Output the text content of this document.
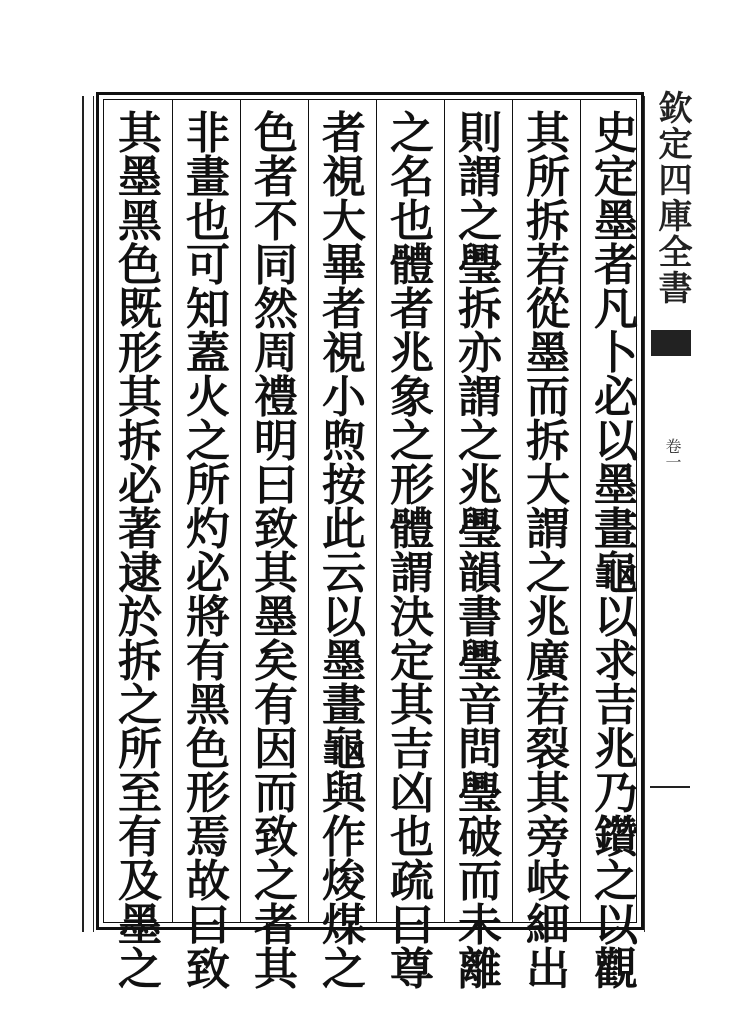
史
定
墨
者
凡
卜
必
以
墨
畫
龜
以
求
吉
兆
乃
鑽
之
以
觀
其
所
拆
若
從
墨
而
拆
大
謂
之
兆
廣
若
裂
其
旁
岐
細
出
則
謂
之
璺
拆
亦
謂
之
兆
璺
韻
書
璺
音
問
璺
破
而
未
離
之
名
也
體
者
兆
象
之
形
體
謂
決
定
其
吉
凶
也
疏
曰
尊
者
視
大
畢
者
視
小
煦
按
此
云
以
墨
畫
龜
與
作
焌
煤
之
色
者
不
同
然
周
禮
明
曰
致
其
墨
矣
有
因
而
致
之
者
其
非
畫
也
可
知
蓋
火
之
所
灼
必
將
有
黑
色
形
焉
故
曰
致
其
墨
黑
色
既
形
其
拆
必
著
逮
於
拆
之
所
至
有
及
墨
之
欽定四庫全書
卷一
